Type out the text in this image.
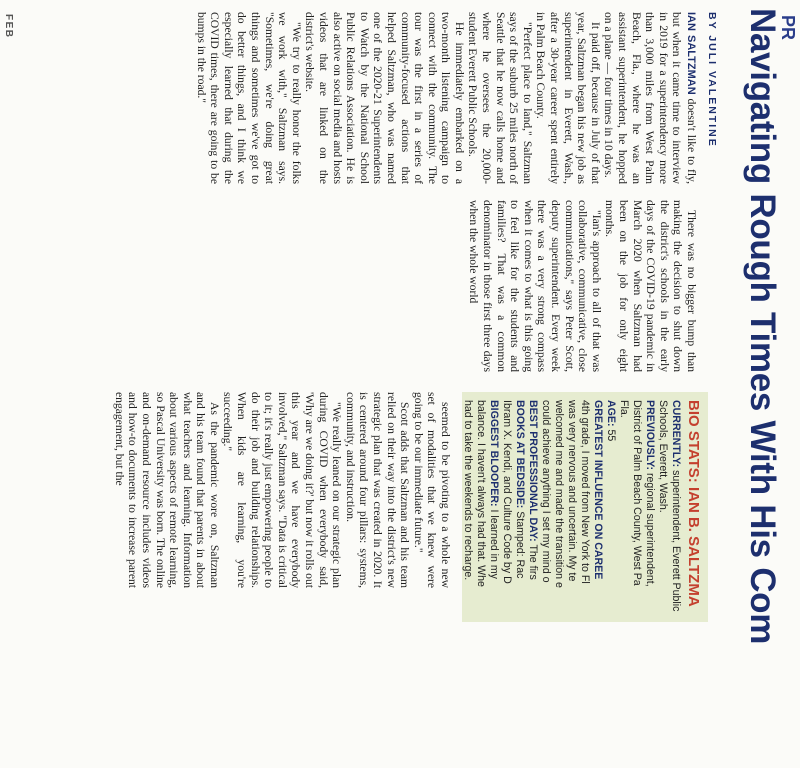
PR
Navigating Rough Times With His Com
BY JULI VALENTINE

IAN SALTZMAN doesn't like to fly, but when it came time to interview in 2019 for a superintendency more than 3,000 miles from West Palm Beach, Fla., where he was an assistant superintendent, he hopped on a plane — four times in 10 days.

It paid off, because in July of that year, Saltzman began his new job as superintendent in Everett, Wash., after a 30-year career spent entirely in Palm Beach County.

"Perfect place to land," Saltzman says of the suburb 25 miles north of Seattle that he now calls home and where he oversees the 20,000-student Everett Public Schools.

He immediately embarked on a two-month listening campaign to connect with the community. The tour was the first in a series of community-focused actions that helped Saltzman, who was named one of the 2020-21 Superintendents to Watch by the National School Public Relations Association. He is also active on social media and hosts videos that are linked on the district's website.

"We try to really honor the folks we work with," Saltzman says. "Sometimes, we're doing great things and sometimes we've got to do better things, and I think we especially learned that during the COVID times, there are going to be bumps in the road."

There was no bigger bump than making the decision to shut down the district's schools in the early days of the COVID-19 pandemic in March 2020 when Saltzman had been on the job for only eight months.

"Ian's approach to all of that was collaborative, communicative, close communications," says Peter Scott, deputy superintendent. Every week there was a very strong compass when it comes to what is this going to feel like for the students and families? That was a common denominator in those first three days when the whole world

BIO STATS: IAN B. SALTZMA
CURRENTLY: superintendent, Everett Public
Schools, Everett, Wash.
PREVIOUSLY: regional superintendent,
District of Palm Beach County, West Pa
Fla.
AGE: 55
GREATEST INFLUENCE ON CAREE
4th grade, I moved from New York to Fl
was very nervous and uncertain. My te
welcomed me and made the transition e
could achieve anything I set my mind o
BEST PROFESSIONAL DAY: The firs
BOOKS AT BEDSIDE: Stamped: Rac
Ibram X. Kendi, and Culture Code by D
BIGGEST BLOOPER: I learned in my
balance. I haven't always had that. Whe
had to take the weekends to recharge.

seemed to be pivoting to a whole new set of modalities that we knew were going to be our immediate future."

Scott adds that Saltzman and his team relied on their way into the district's new strategic plan that was created in 2020. It is centered around four pillars: systems, community, and instruction.

"We really leaned on our strategic plan during COVID when everybody said, 'Why are we doing it?' but now it rolls out this year and we have everybody involved," Saltzman says. "Data is critical to it; it's really just empowering people to do their job and building relationships. When kids are learning, you're succeeding."

As the pandemic wore on, Saltzman and his team found that parents in about what teachers and learning. Information about various aspects of remote learning, so Pascal University was born. The online and on-demand resource includes videos and how-to documents to increase parent engagement, but the

FEB
